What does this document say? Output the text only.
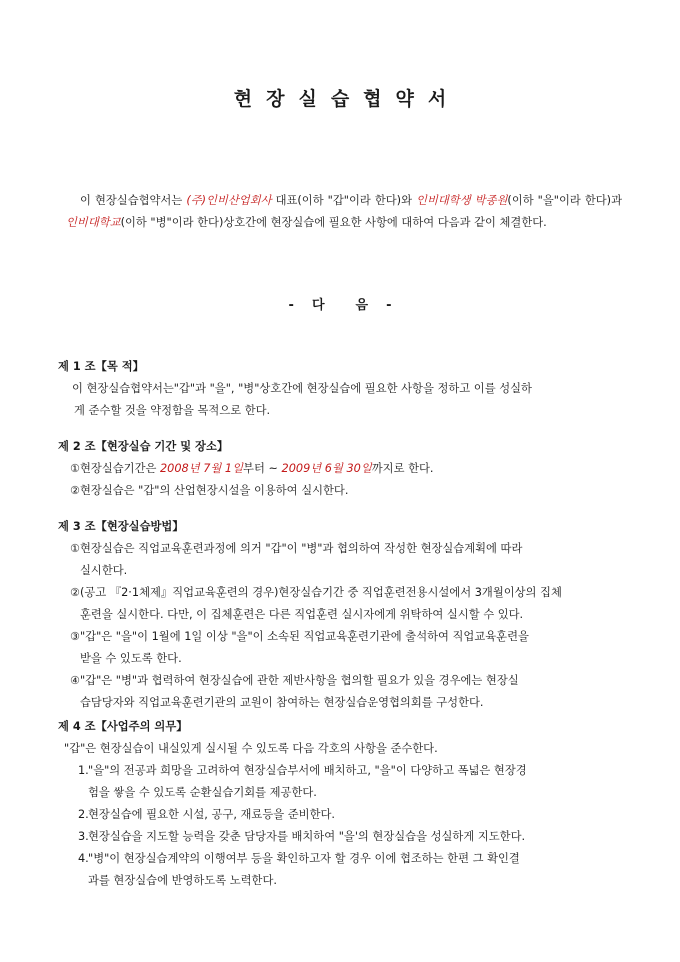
현 장 실 습 협 약 서
이 현장실습협약서는 (주)인비산업회사 대표(이하 "갑"이라 한다)와 인비대학생 박종원(이하 "을"이라 한다)과 인비대학교(이하 "병"이라 한다)상호간에 현장실습에 필요한 사항에 대하여 다음과 같이 체결한다.
- 다 음 -
제 1 조【목 적】
이 현장실습협약서는"갑"과 "을", "병"상호간에 현장실습에 필요한 사항을 정하고 이를 성실하
게 준수할 것을 약정함을 목적으로 한다.
제 2 조【현장실습 기간 및 장소】
① 현장실습기간은 2008년 7월 1일부터 ~ 2009년 6월 30일까지로 한다.
② 현장실습은 "갑"의 산업현장시설을 이용하여 실시한다.
제 3 조【현장실습방법】
① 현장실습은 직업교육훈련과정에 의거 "갑"이 "병"과 협의하여 작성한 현장실습계획에 따라
실시한다.
② (공고 『2·1체제』직업교육훈련의 경우)현장실습기간 중 직업훈련전용시설에서 3개월이상의 집체
훈련을 실시한다. 다만, 이 집체훈련은 다른 직업훈련 실시자에게 위탁하여 실시할 수 있다.
③ "갑"은 "을"이 1월에 1일 이상 "을"이 소속된 직업교육훈련기관에 출석하여 직업교육훈련을
받을 수 있도록 한다.
④ "갑"은 "병"과 협력하여 현장실습에 관한 제반사항을 협의할 필요가 있을 경우에는 현장실
습담당자와 직업교육훈련기관의 교원이 참여하는 현장실습운영협의회를 구성한다.
제 4 조【사업주의 의무】
"갑"은 현장실습이 내실있게 실시될 수 있도록 다음 각호의 사항을 준수한다.
1. "을"의 전공과 희망을 고려하여 현장실습부서에 배치하고, "을"이 다양하고 폭넓은 현장경
험을 쌓을 수 있도록 순환실습기회를 제공한다.
2. 현장실습에 필요한 시설, 공구, 재료등을 준비한다.
3. 현장실습을 지도할 능력을 갖춘 담당자를 배치하여 "을'의 현장실습을 성실하게 지도한다.
4. "병"이 현장실습계약의 이행여부 등을 확인하고자 할 경우 이에 협조하는 한편 그 확인결
과를 현장실습에 반영하도록 노력한다.
